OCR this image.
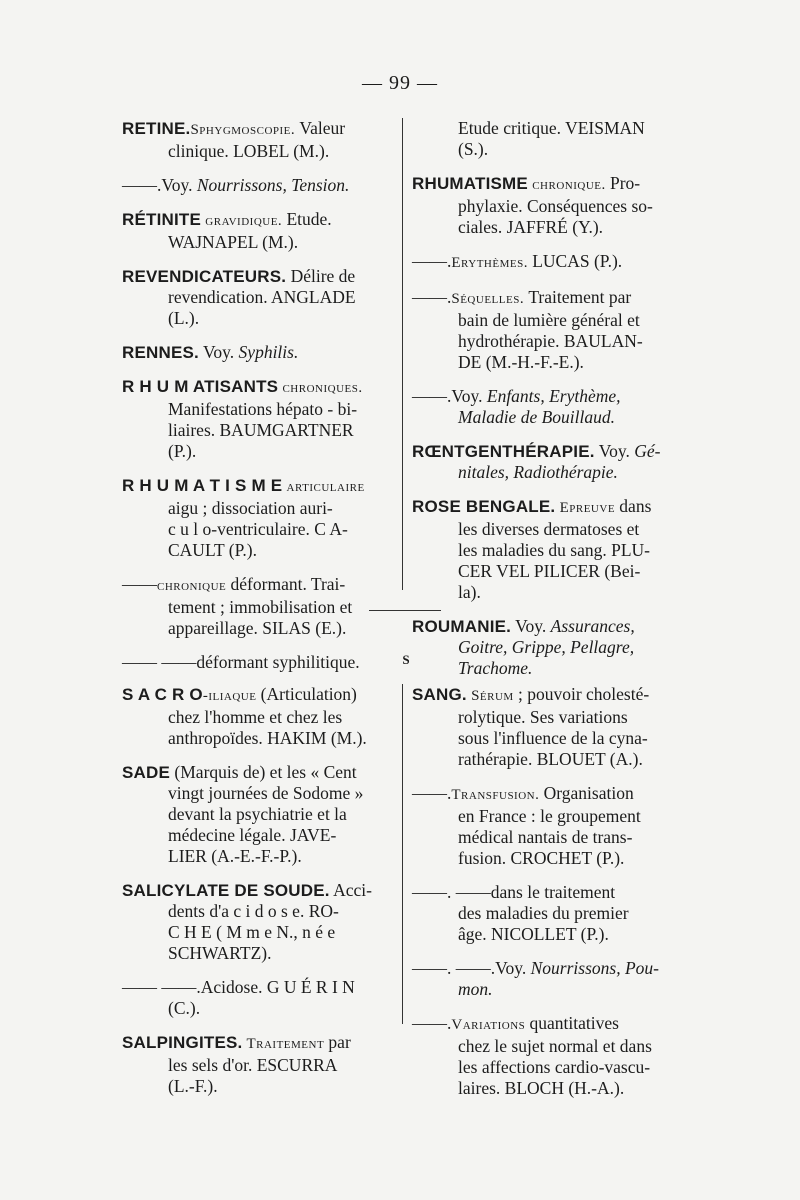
— 99 —
RETINE.Sphygmoscopie. Valeur
clinique. LOBEL (M.).
——.Voy. Nourrissons, Tension.
RÉTINITE gravidique. Etude.
WAJNAPEL (M.).
REVENDICATEURS. Délire de
revendication. ANGLADE
(L.).
RENNES. Voy. Syphilis.
R H U M ATISANTS chroniques.
Manifestations hépato - bi-
liaires. BAUMGARTNER
(P.).
R H U M A T I S M E articulaire
aigu ; dissociation auri-
c u l o-ventriculaire. C A-
CAULT (P.).
——chronique déformant. Trai-
tement ; immobilisation et
appareillage. SILAS (E.).
—— ——déformant syphilitique.
Etude critique. VEISMAN
(S.).
RHUMATISME chronique. Pro-
phylaxie. Conséquences so-
ciales. JAFFRÉ (Y.).
——.Erythèmes. LUCAS (P.).
——.Séquelles. Traitement par
bain de lumière général et
hydrothérapie. BAULAN-
DE (M.-H.-F.-E.).
——.Voy. Enfants, Erythème,
Maladie de Bouillaud.
RŒNTGENTHÉRAPIE. Voy. Gé-
nitales, Radiothérapie.
ROSE BENGALE. Epreuve dans
les diverses dermatoses et
les maladies du sang. PLU-
CER VEL PILICER (Bei-
la).
ROUMANIE. Voy. Assurances,
Goitre, Grippe, Pellagre,
Trachome.
S
S A C R O-iliaque (Articulation)
chez l'homme et chez les
anthropoïdes. HAKIM (M.).
SADE (Marquis de) et les « Cent
vingt journées de Sodome »
devant la psychiatrie et la
médecine légale. JAVE-
LIER (A.-E.-F.-P.).
SALICYLATE DE SOUDE. Acci-
dents d'a c i d o s e. RO-
C H E ( M m e N., n é e
SCHWARTZ).
—— ——.Acidose. G U É R I N
(C.).
SALPINGITES. Traitement par
les sels d'or. ESCURRA
(L.-F.).
SANG. Sérum ; pouvoir cholesté-
rolytique. Ses variations
sous l'influence de la cyna-
rathérapie. BLOUET (A.).
——.Transfusion. Organisation
en France : le groupement
médical nantais de trans-
fusion. CROCHET (P.).
——. ——dans le traitement
des maladies du premier
âge. NICOLLET (P.).
——. ——.Voy. Nourrissons, Pou-
mon.
——.Variations quantitatives
chez le sujet normal et dans
les affections cardio-vascu-
laires. BLOCH (H.-A.).
